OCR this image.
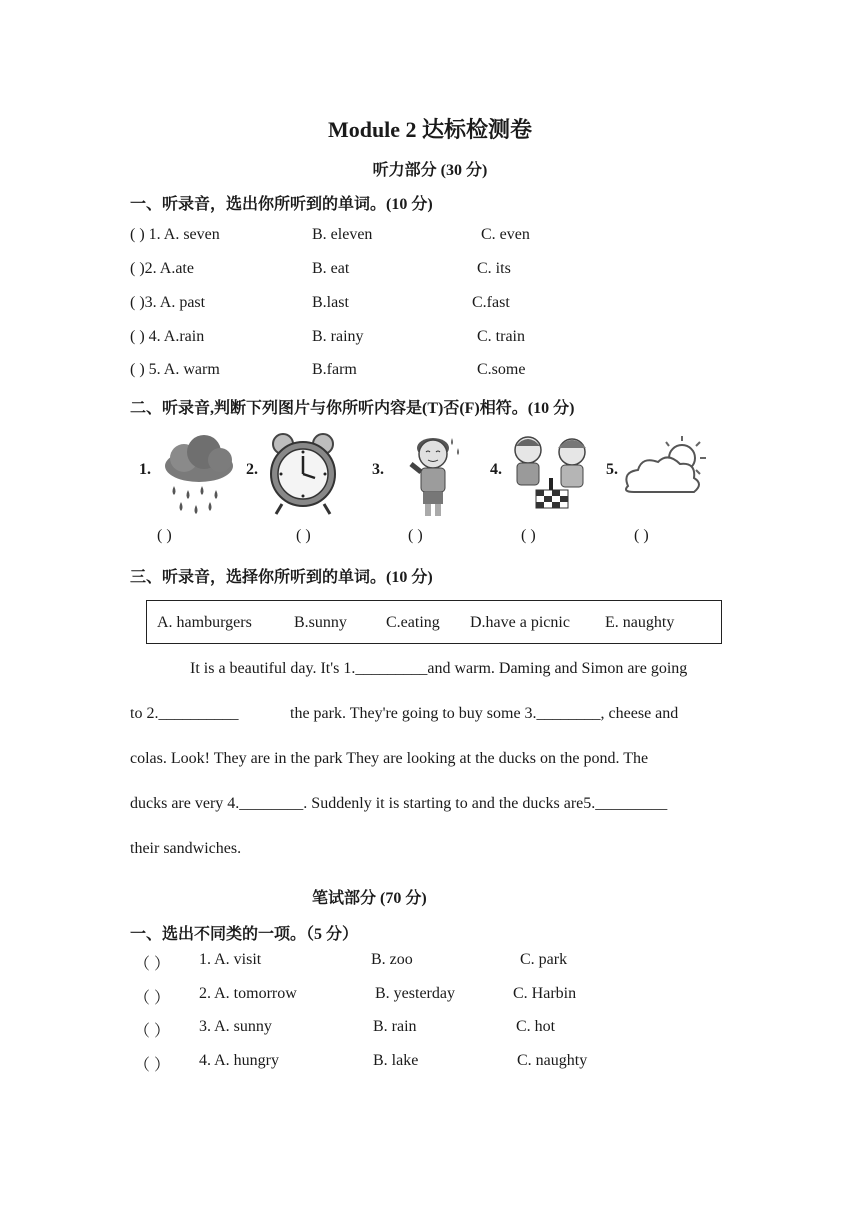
Module 2 达标检测卷
听力部分 (30 分)
一、听录音，选出你所听到的单词。(10 分)
( ) 1. A. seven	B. eleven	C. even
( )2. A.ate	B. eat	C. its
( )3. A. past	B.last	C.fast
( ) 4. A.rain	B. rainy	C. train
( ) 5. A. warm	B.farm	C.some
二、听录音,判断下列图片与你所听内容是(T)否(F)相符。(10 分)
1.	2.	3.	4.	5.
( )	( )	( )	( )	( )
三、听录音，选择你所听到的单词。(10 分)
A. hamburgers	B.sunny C.eating D.have a picnic E. naughty
It is a beautiful day. It's 1._________and warm. Daming and Simon are going
to 2.__________	the park. They're going to buy some 3.________, cheese and
colas. Look! They are in the park They are looking at the ducks on the pond. The
ducks are very 4.________. Suddenly it is starting to and the ducks are5._________
their sandwiches.
笔试部分 (70 分)
一、选出不同类的一项。（5 分）
（ ） 1. A. visit	B. zoo	C. park
（ ） 2. A. tomorrow	B. yesterday	C. Harbin
（ ） 3. A. sunny	B. rain	C. hot
（ ） 4. A. hungry	B. lake	C. naughty
